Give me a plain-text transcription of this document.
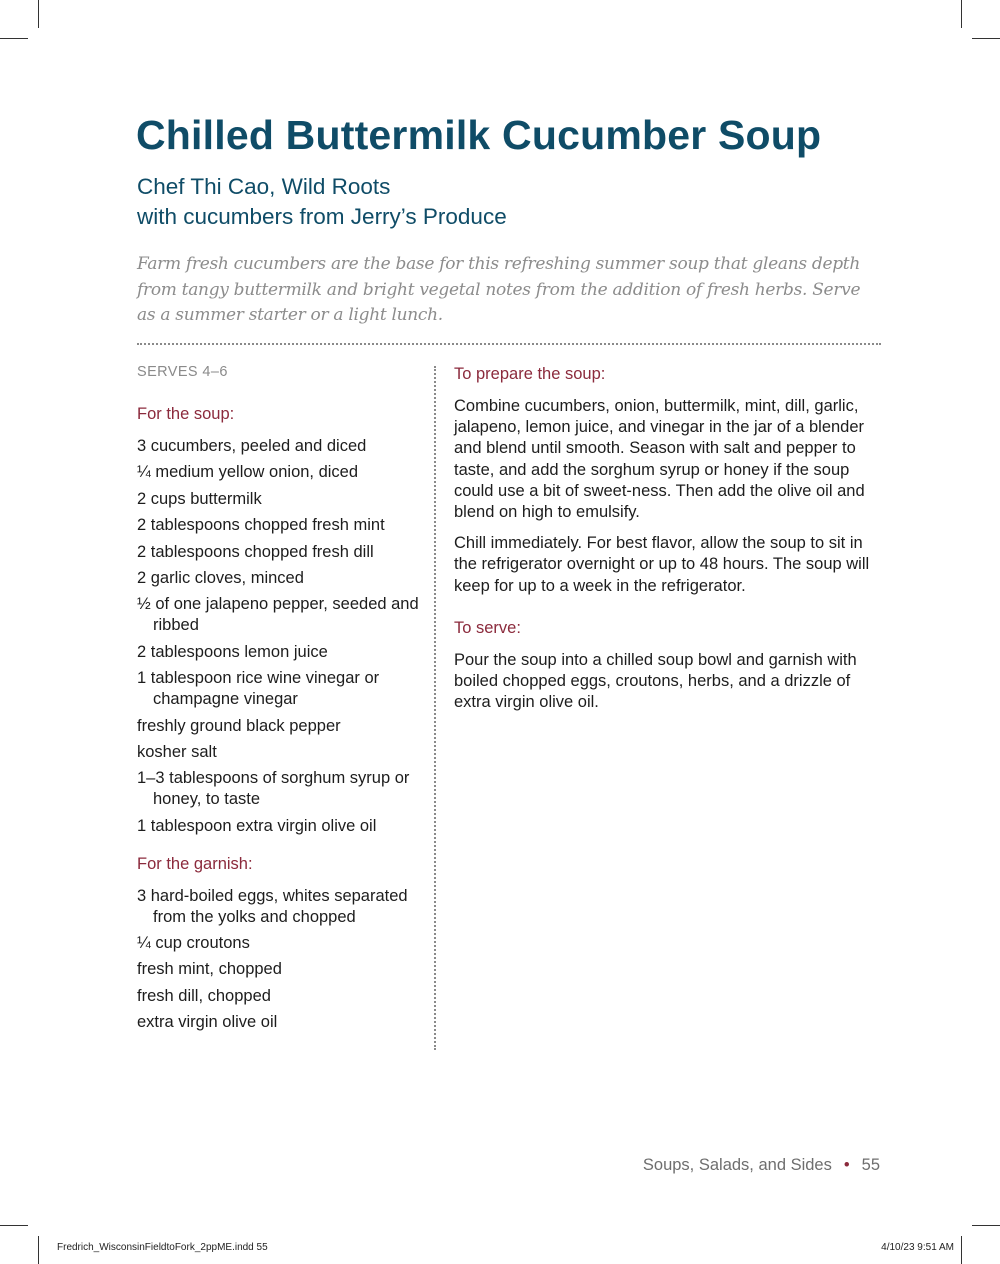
Chilled Buttermilk Cucumber Soup
Chef Thi Cao, Wild Roots
with cucumbers from Jerry’s Produce

Farm fresh cucumbers are the base for this refreshing summer soup that gleans depth from tangy buttermilk and bright vegetal notes from the addition of fresh herbs. Serve as a summer starter or a light lunch.

SERVES 4–6
For the soup:
3 cucumbers, peeled and diced
¼ medium yellow onion, diced
2 cups buttermilk
2 tablespoons chopped fresh mint
2 tablespoons chopped fresh dill
2 garlic cloves, minced
½ of one jalapeno pepper, seeded and ribbed
2 tablespoons lemon juice
1 tablespoon rice wine vinegar or champagne vinegar
freshly ground black pepper
kosher salt
1–3 tablespoons of sorghum syrup or honey, to taste
1 tablespoon extra virgin olive oil
For the garnish:
3 hard-boiled eggs, whites separated from the yolks and chopped
¼ cup croutons
fresh mint, chopped
fresh dill, chopped
extra virgin olive oil
To prepare the soup:

Combine cucumbers, onion, buttermilk, mint, dill, garlic, jalapeno, lemon juice, and vinegar in the jar of a blender and blend until smooth. Season with salt and pepper to taste, and add the sorghum syrup or honey if the soup could use a bit of sweet-ness. Then add the olive oil and blend on high to emulsify.

Chill immediately. For best flavor, allow the soup to sit in the refrigerator overnight or up to 48 hours. The soup will keep for up to a week in the refrigerator.

To serve:

Pour the soup into a chilled soup bowl and garnish with boiled chopped eggs, croutons, herbs, and a drizzle of extra virgin olive oil.

Soups, Salads, and Sides • 55
Fredrich_WisconsinFieldtoFork_2ppME.indd 55	4/10/23 9:51 AM
